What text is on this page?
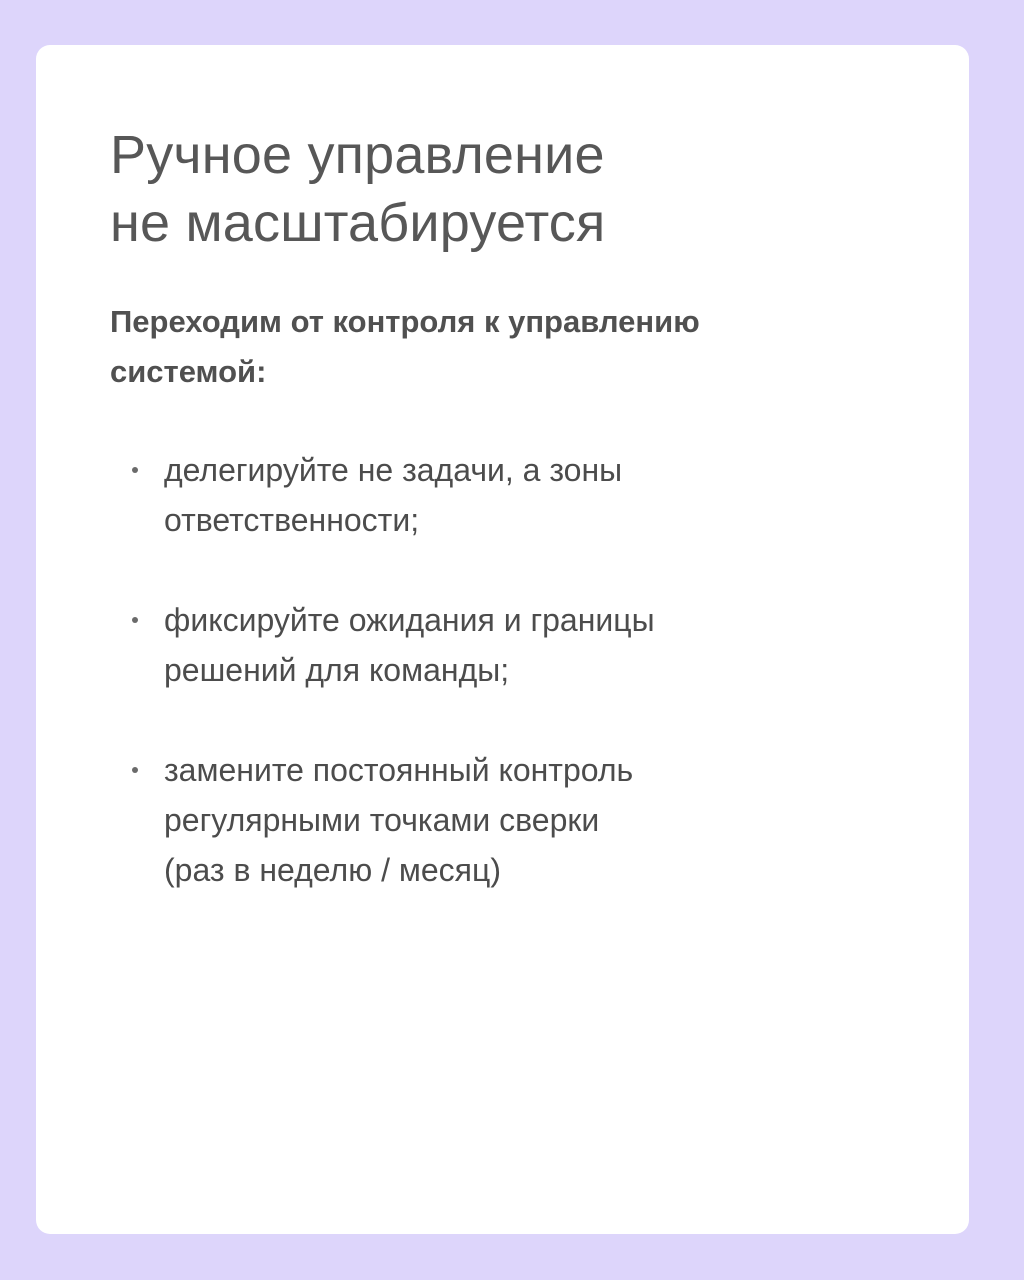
Ручное управление
не масштабируется

Переходим от контроля к управлению
системой:

делегируйте не задачи, а зоны
ответственности;
фиксируйте ожидания и границы
решений для команды;
замените постоянный контроль
регулярными точками сверки
(раз в неделю / месяц)
